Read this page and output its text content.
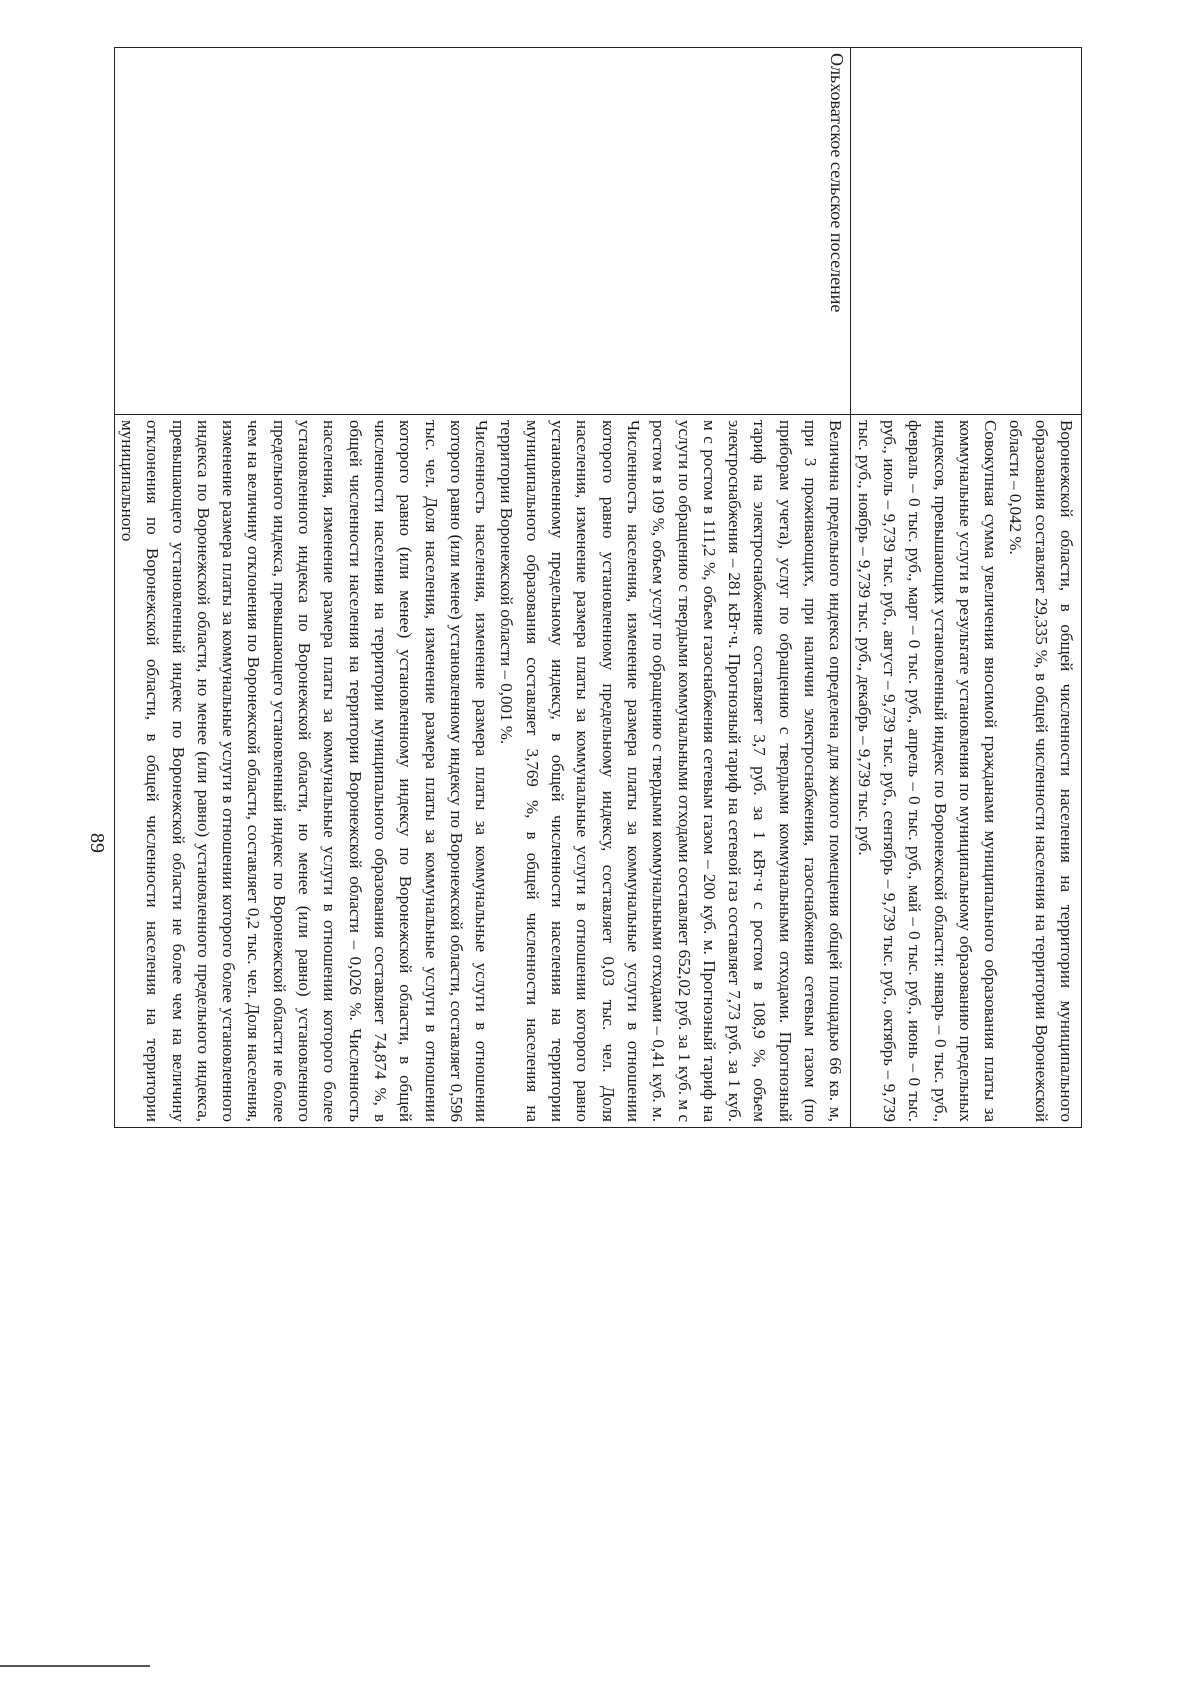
89

	Воронежской области, в общей численности населения на территории муниципального образования составляет 29,335 %, в общей численности населения на территории Воронежской области – 0,042 %.

Совокупная сумма увеличения вносимой гражданами муниципального образования платы за коммунальные услуги в результате установления по муниципальному образованию предельных индексов, превышающих установленный индекс по Воронежской области: январь – 0 тыс. руб., февраль – 0 тыс. руб., март – 0 тыс. руб., апрель – 0 тыс. руб., май – 0 тыс. руб., июнь – 0 тыс. руб., июль – 9,739 тыс. руб., август – 9,739 тыс. руб., сентябрь – 9,739 тыс. руб., октябрь – 9,739 тыс. руб., ноябрь – 9,739 тыс. руб., декабрь – 9,739 тыс. руб.

Ольховатское сельское поселение	Величина предельного индекса определена для жилого помещения общей площадью 66 кв. м, при 3 проживающих, при наличии электроснабжения, газоснабжения сетевым газом (по приборам учета), услуг по обращению с твердыми коммунальными отходами. Прогнозный тариф на электроснабжение составляет 3,7 руб. за 1 кВт·ч с ростом в 108,9 %, объем электроснабжения – 281 кВт·ч. Прогнозный тариф на сетевой газ составляет 7,73 руб. за 1 куб. м с ростом в 111,2 %, объем газоснабжения сетевым газом – 200 куб. м. Прогнозный тариф на услуги по обращению с твердыми коммунальными отходами составляет 652,02 руб. за 1 куб. м с ростом в 109 %, объем услуг по обращению с твердыми коммунальными отходами – 0,41 куб. м. Численность населения, изменение размера платы за коммунальные услуги в отношении которого равно установленному предельному индексу, составляет 0,03 тыс. чел. Доля населения, изменение размера платы за коммунальные услуги в отношении которого равно установленному предельному индексу, в общей численности населения на территории муниципального образования составляет 3,769 %, в общей численности населения на территории Воронежской области – 0,001 %.

Численность населения, изменение размера платы за коммунальные услуги в отношении которого равно (или менее) установленному индексу по Воронежской области, составляет 0,596 тыс. чел. Доля населения, изменение размера платы за коммунальные услуги в отношении которого равно (или менее) установленному индексу по Воронежской области, в общей численности населения на территории муниципального образования составляет 74,874 %, в общей численности населения на территории Воронежской области – 0,026 %. Численность населения, изменение размера платы за коммунальные услуги в отношении которого более установленного индекса по Воронежской области, но менее (или равно) установленного предельного индекса, превышающего установленный индекс по Воронежской области не более чем на величину отклонения по Воронежской области, составляет 0,2 тыс. чел. Доля населения, изменение размера платы за коммунальные услуги в отношении которого более установленного индекса по Воронежской области, но менее (или равно) установленного предельного индекса, превышающего установленный индекс по Воронежской области не более чем на величину отклонения по Воронежской области, в общей численности населения на территории муниципального
